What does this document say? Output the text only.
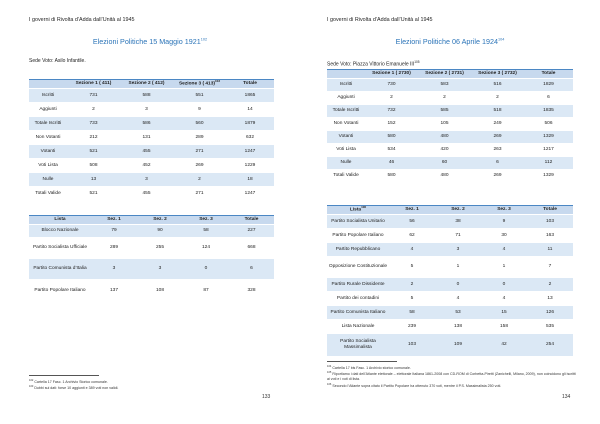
I governi di Rivolta d’Adda dall’Unità al 1945
Elezioni Politiche 15 Maggio 1921$^{102}$
Sede Voto: Asilo Infantile.
	Sezione 1 ( 411)	Sezione 2 ( 412)	Sezione 3 ( 413)$^{103}$	Totale
Iscritti	731	588	551	1865
Aggiunti	2	3	9	14
Totale Iscritti	733	586	560	1879
Non Votanti	212	131	289	632
Votanti	521	455	271	1247
Voti Lista	508	452	269	1229
Nulle	13	3	2	18
Totali Valide	521	455	271	1247
Lista	Sez. 1	Sez. 2	Sez. 3	Totale
Blocco Nazionale	79	90	58	227
Partito Socialista Ufficiale	289	255	124	668
Partito Comunista d’Italia	3	3	0	6
Partito Popolare Italiano	137	108	87	328
$^{102}$ Cartella 17 Fasc. 1 Archivio Storico comunale.
$^{103}$ Dubbi sui dati: forse 10 aggiunti e 389 voti non validi.
133
I governi di Rivolta d’Adda dall’Unità al 1945
Elezioni Politiche 06 Aprile 1924$^{104}$
Sede Voto: Piazza Vittorio Emanuele III$^{105}$
	Sezione 1 ( 2730)	Sezione 2 ( 2731)	Sezione 3 ( 2732)	Totale
Iscritti	730	583	516	1829
Aggiunti	2	2	2	6
Totale Iscritti	732	585	518	1835
Non Votanti	152	105	249	506
Votanti	580	480	269	1329
Voti Lista	534	420	263	1217
Nulle	46	60	6	112
Totali Valide	580	480	269	1329
Lista$^{106}$	Sez. 1	Sez. 2	Sez. 3	Totale
Partito Socialista Unitario	56	38	9	103
Partito Popolare Italiano	62	71	30	163
Partito Repubblicano	4	3	4	11
Opposizione Costituzionale	5	1	1	7
Partito Rurale Dissidente	2	0	0	2
Partito dei contadini	5	4	4	13
Partito Comunista Italiano	58	53	15	126
Lista Nazionale	239	138	158	535
Partito Socialista Massimalista	103	109	42	254
$^{104}$ Cartella 17 bis Fasc. 1 Archivio storico comunale.
$^{105}$ Riportiamo i dati dell’Atlante elettorale – elettorale Italiana 1861-2008 con CD-ROM di Corbetta-Piretti (Zanichelli, Milano, 2009), non coincidono gli iscritti ai voti e i voti di lista.
$^{106}$ Secondo l’Atlante sopra citato il Partito Popolare ha ottenuto 370 voti, mentre il P.S. Massimalista 250 voti.
134
